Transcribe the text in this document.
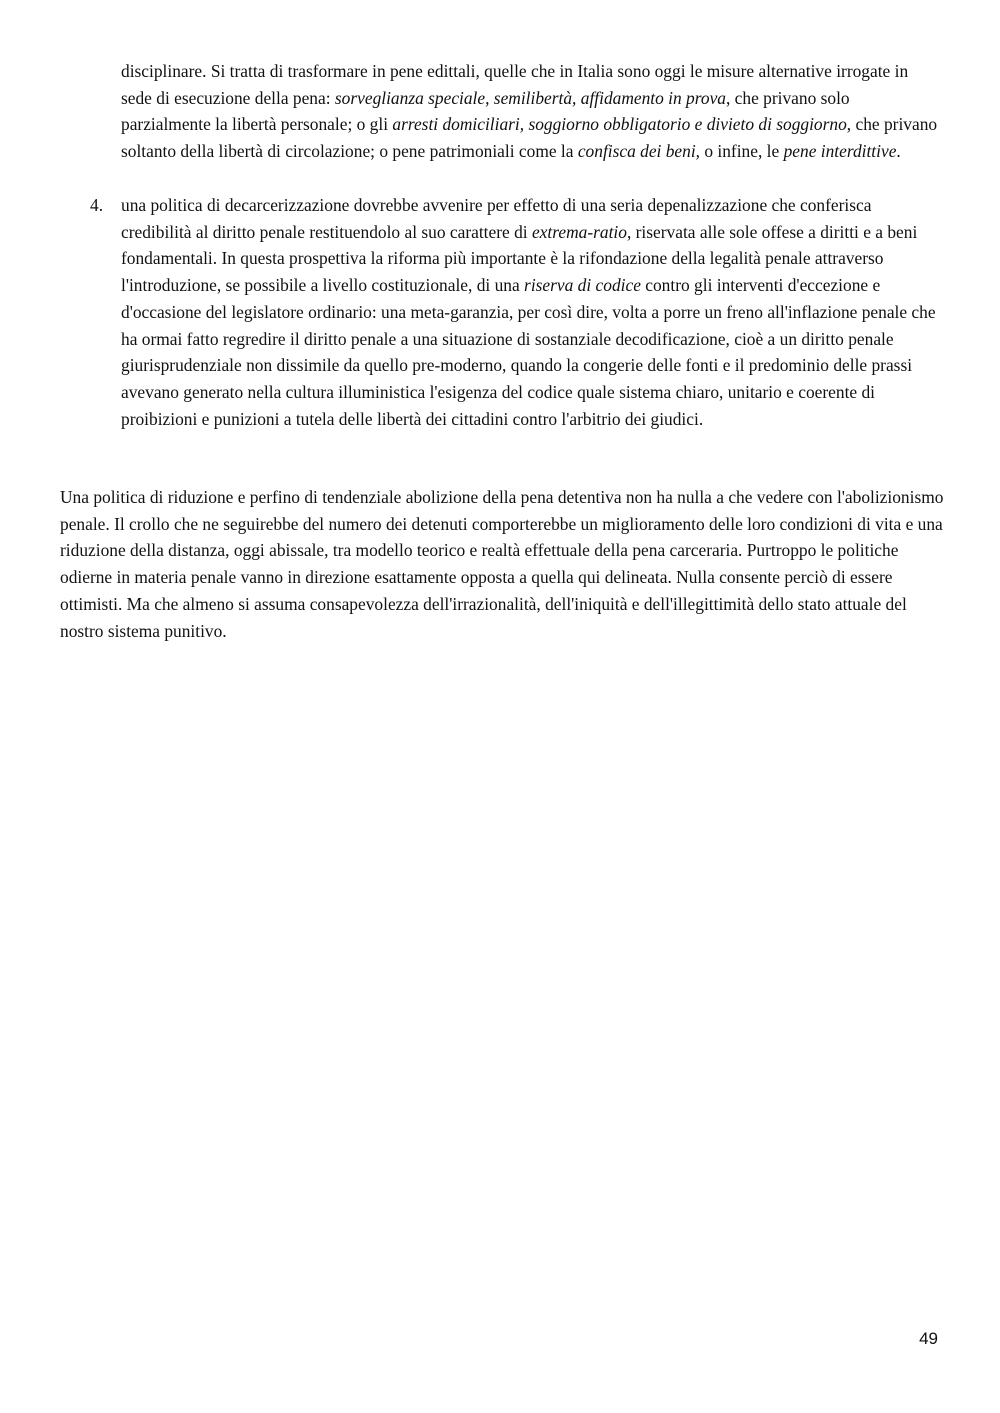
disciplinare. Si tratta di trasformare in pene edittali, quelle che in Italia sono oggi le misure alternative irrogate in sede di esecuzione della pena: sorveglianza speciale, semilibertà, affidamento in prova, che privano solo parzialmente la libertà personale; o gli arresti domiciliari, soggiorno obbligatorio e divieto di soggiorno, che privano soltanto della libertà di circolazione; o pene patrimoniali come la confisca dei beni, o infine, le pene interdittive.

4. una politica di decarcerizzazione dovrebbe avvenire per effetto di una seria depenalizzazione che conferisca credibilità al diritto penale restituendolo al suo carattere di extrema-ratio, riservata alle sole offese a diritti e a beni fondamentali. In questa prospettiva la riforma più importante è la rifondazione della legalità penale attraverso l'introduzione, se possibile a livello costituzionale, di una riserva di codice contro gli interventi d'eccezione e d'occasione del legislatore ordinario: una meta-garanzia, per così dire, volta a porre un freno all'inflazione penale che ha ormai fatto regredire il diritto penale a una situazione di sostanziale decodificazione, cioè a un diritto penale giurisprudenziale non dissimile da quello pre-moderno, quando la congerie delle fonti e il predominio delle prassi avevano generato nella cultura illuministica l'esigenza del codice quale sistema chiaro, unitario e coerente di proibizioni e punizioni a tutela delle libertà dei cittadini contro l'arbitrio dei giudici.

Una politica di riduzione e perfino di tendenziale abolizione della pena detentiva non ha nulla a che vedere con l'abolizionismo penale. Il crollo che ne seguirebbe del numero dei detenuti comporterebbe un miglioramento delle loro condizioni di vita e una riduzione della distanza, oggi abissale, tra modello teorico e realtà effettuale della pena carceraria. Purtroppo le politiche odierne in materia penale vanno in direzione esattamente opposta a quella qui delineata. Nulla consente perciò di essere ottimisti. Ma che almeno si assuma consapevolezza dell'irrazionalità, dell'iniquità e dell'illegittimità dello stato attuale del nostro sistema punitivo.

49
